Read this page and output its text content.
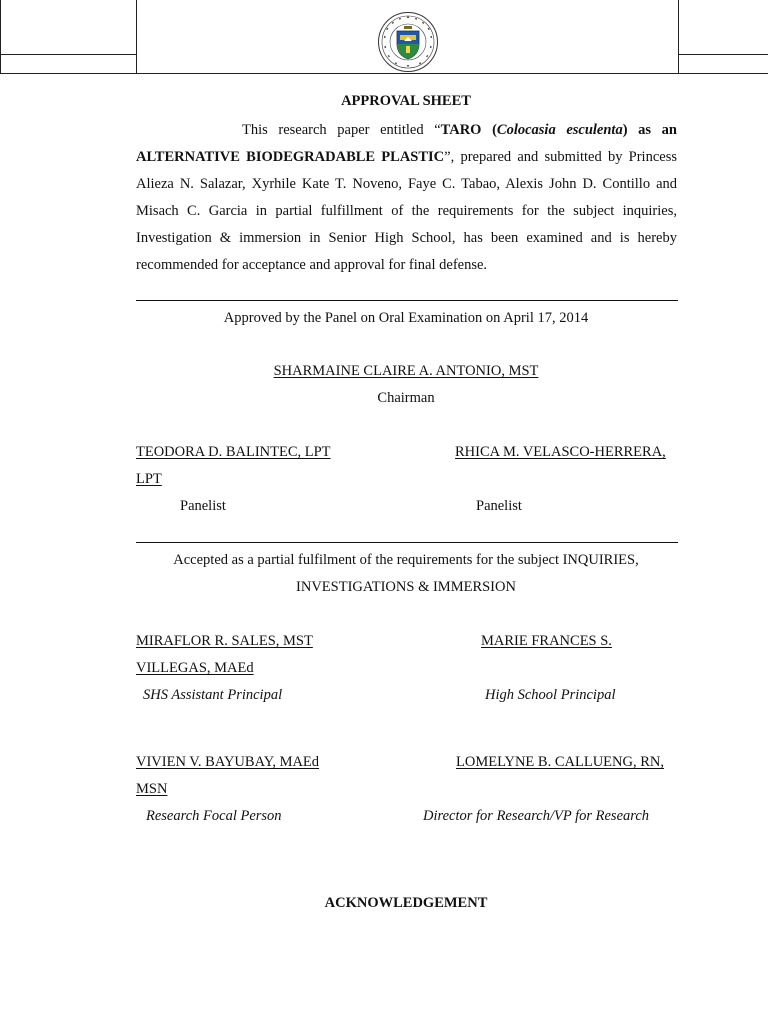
APPROVAL SHEET
This research paper entitled “TARO (Colocasia esculenta) as an ALTERNATIVE BIODEGRADABLE PLASTIC”, prepared and submitted by Princess Alieza N. Salazar, Xyrhile Kate T. Noveno, Faye C. Tabao, Alexis John D. Contillo and Misach C. Garcia in partial fulfillment of the requirements for the subject inquiries, Investigation & immersion in Senior High School, has been examined and is hereby recommended for acceptance and approval for final defense.
Approved by the Panel on Oral Examination on April 17, 2014
SHARMAINE CLAIRE A. ANTONIO, MST
Chairman
TEODORA D. BALINTEC, LPT
LPT
Panelist
RHICA M. VELASCO-HERRERA,
Panelist
Accepted as a partial fulfilment of the requirements for the subject INQUIRIES,
INVESTIGATIONS & IMMERSION
MIRAFLOR R. SALES, MST
VILLEGAS, MAEd
SHS Assistant Principal
MARIE FRANCES S.
High School Principal
VIVIEN V. BAYUBAY, MAEd
MSN
Research Focal Person
LOMELYNE B. CALLUENG, RN,
Director for Research/VP for Research
ACKNOWLEDGEMENT
